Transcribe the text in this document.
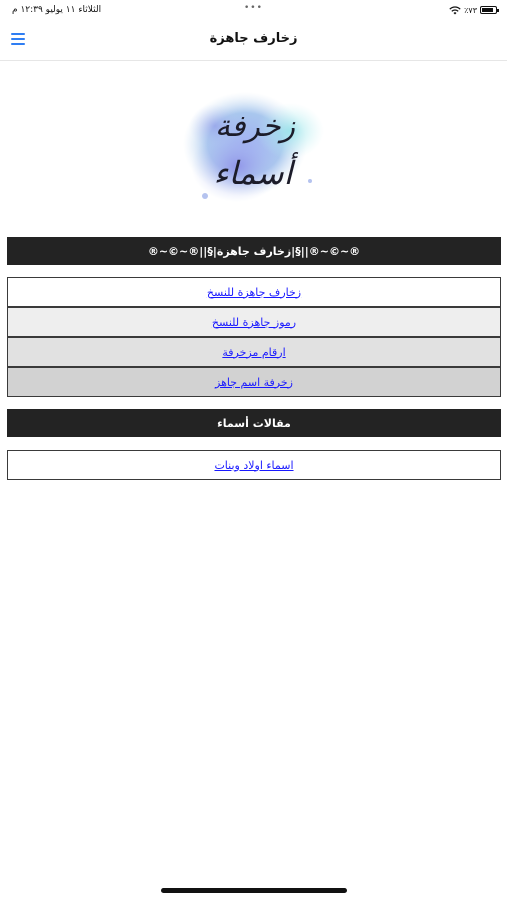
الثلاثاء ١١ يوليو ١٢:٣٩ م	•••	٪٧٣
زخارف جاهزة
زخرفة
أسماء
®~©~®||§|زخارف جاهزة|§||®~©~®
زخارف جاهزة للنسخ
رموز جاهزة للنسخ
ارقام مزخرفة
زخرفة اسم جاهز
مقالات أسماء
اسماء اولاد وبنات
